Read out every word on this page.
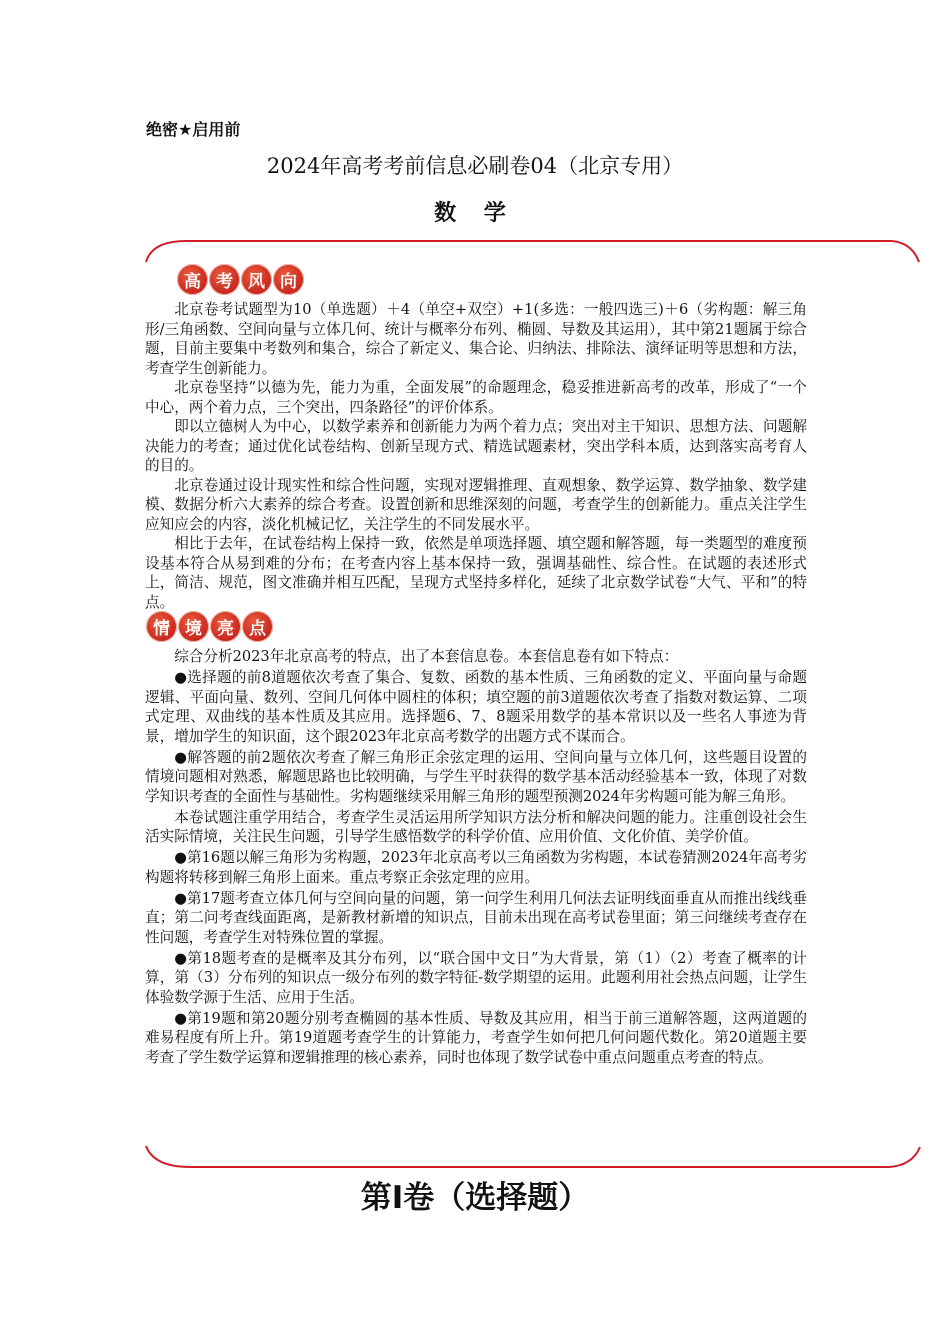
绝密★启用前
2024年高考考前信息必刷卷04（北京专用）
数 学
高 考 风 向

北京卷考试题型为10（单选题）＋4（单空+双空）+1(多选：一般四选三)＋6（劣构题：解三角形/三角函数、空间向量与立体几何、统计与概率分布列、椭圆、导数及其运用），其中第21题属于综合题，目前主要集中考数列和集合，综合了新定义、集合论、归纳法、排除法、演绎证明等思想和方法，考查学生创新能力。

北京卷坚持“以德为先，能力为重，全面发展”的命题理念，稳妥推进新高考的改革，形成了“一个中心，两个着力点，三个突出，四条路径”的评价体系。

即以立德树人为中心，以数学素养和创新能力为两个着力点；突出对主干知识、思想方法、问题解决能力的考查；通过优化试卷结构、创新呈现方式、精选试题素材，突出学科本质，达到落实高考育人的目的。

北京卷通过设计现实性和综合性问题，实现对逻辑推理、直观想象、数学运算、数学抽象、数学建模、数据分析六大素养的综合考查。设置创新和思维深刻的问题，考查学生的创新能力。重点关注学生应知应会的内容，淡化机械记忆，关注学生的不同发展水平。

相比于去年，在试卷结构上保持一致，依然是单项选择题、填空题和解答题，每一类题型的难度预设基本符合从易到难的分布；在考查内容上基本保持一致，强调基础性、综合性。在试题的表述形式上，简洁、规范，图文准确并相互匹配，呈现方式坚持多样化，延续了北京数学试卷“大气、平和”的特点。

情 境 亮 点

综合分析2023年北京高考的特点，出了本套信息卷。本套信息卷有如下特点：

●选择题的前8道题依次考查了集合、复数、函数的基本性质、三角函数的定义、平面向量与命题逻辑、平面向量、数列、空间几何体中圆柱的体积；填空题的前3道题依次考查了指数对数运算、二项式定理、双曲线的基本性质及其应用。选择题6、7、8题采用数学的基本常识以及一些名人事迹为背景，增加学生的知识面，这个跟2023年北京高考数学的出题方式不谋而合。

●解答题的前2题依次考查了解三角形正余弦定理的运用、空间向量与立体几何，这些题目设置的情境问题相对熟悉，解题思路也比较明确，与学生平时获得的数学基本活动经验基本一致，体现了对数学知识考查的全面性与基础性。劣构题继续采用解三角形的题型预测2024年劣构题可能为解三角形。

本卷试题注重学用结合，考查学生灵活运用所学知识方法分析和解决问题的能力。注重创设社会生活实际情境，关注民生问题，引导学生感悟数学的科学价值、应用价值、文化价值、美学价值。

●第16题以解三角形为劣构题，2023年北京高考以三角函数为劣构题，本试卷猜测2024年高考劣构题将转移到解三角形上面来。重点考察正余弦定理的应用。

●第17题考查立体几何与空间向量的问题，第一问学生利用几何法去证明线面垂直从而推出线线垂直；第二问考查线面距离，是新教材新增的知识点，目前未出现在高考试卷里面；第三问继续考查存在性问题，考查学生对特殊位置的掌握。

●第18题考查的是概率及其分布列，以“联合国中文日”为大背景，第（1）（2）考查了概率的计算，第（3）分布列的知识点一级分布列的数字特征-数学期望的运用。此题利用社会热点问题，让学生体验数学源于生活、应用于生活。

●第19题和第20题分别考查椭圆的基本性质、导数及其应用，相当于前三道解答题，这两道题的难易程度有所上升。第19道题考查学生的计算能力，考查学生如何把几何问题代数化。第20道题主要考查了学生数学运算和逻辑推理的核心素养，同时也体现了数学试卷中重点问题重点考查的特点。

第Ⅰ卷（选择题）
